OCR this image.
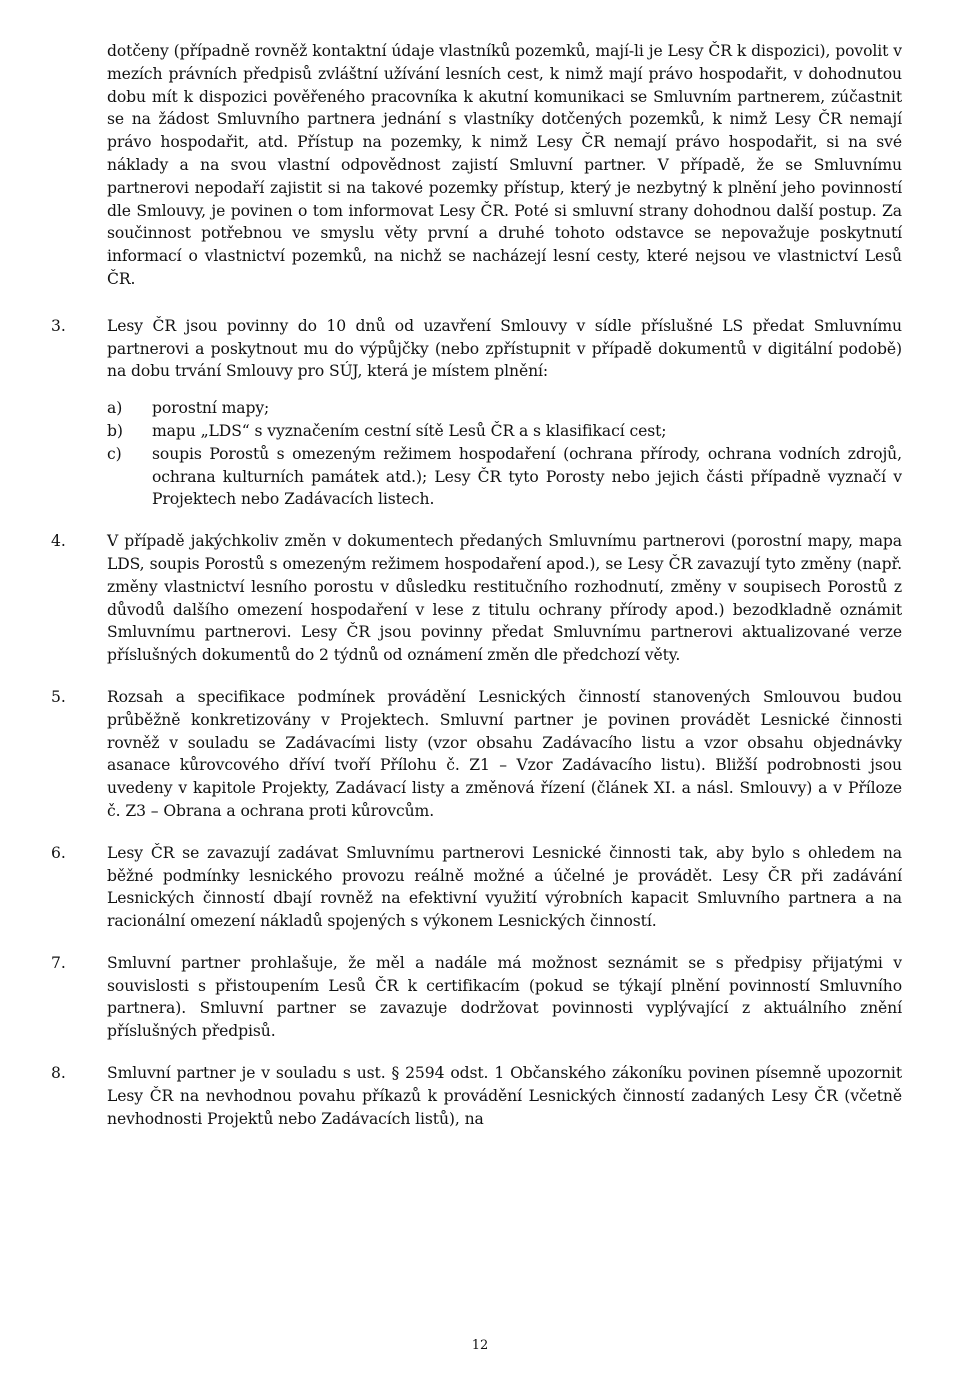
dotčeny (případně rovněž kontaktní údaje vlastníků pozemků, mají-li je Lesy ČR k dispozici), povolit v mezích právních předpisů zvláštní užívání lesních cest, k nimž mají právo hospodařit, v dohodnutou dobu mít k dispozici pověřeného pracovníka k akutní komunikaci se Smluvním partnerem, zúčastnit se na žádost Smluvního partnera jednání s vlastníky dotčených pozemků, k nimž Lesy ČR nemají právo hospodařit, atd. Přístup na pozemky, k nimž Lesy ČR nemají právo hospodařit, si na své náklady a na svou vlastní odpovědnost zajistí Smluvní partner. V případě, že se Smluvnímu partnerovi nepodaří zajistit si na takové pozemky přístup, který je nezbytný k plnění jeho povinností dle Smlouvy, je povinen o tom informovat Lesy ČR. Poté si smluvní strany dohodnou další postup. Za součinnost potřebnou ve smyslu věty první a druhé tohoto odstavce se nepovažuje poskytnutí informací o vlastnictví pozemků, na nichž se nacházejí lesní cesty, které nejsou ve vlastnictví Lesů ČR.

3.	Lesy ČR jsou povinny do 10 dnů od uzavření Smlouvy v sídle příslušné LS předat Smluvnímu partnerovi a poskytnout mu do výpůjčky (nebo zpřístupnit v případě dokumentů v digitální podobě) na dobu trvání Smlouvy pro SÚJ, která je místem plnění:

a) porostní mapy;
b) mapu „LDS“ s vyznačením cestní sítě Lesů ČR a s klasifikací cest;
c) soupis Porostů s omezeným režimem hospodaření (ochrana přírody, ochrana vodních zdrojů, ochrana kulturních památek atd.); Lesy ČR tyto Porosty nebo jejich části případně vyznačí v Projektech nebo Zadávacích listech.
4.	V případě jakýchkoliv změn v dokumentech předaných Smluvnímu partnerovi (porostní mapy, mapa LDS, soupis Porostů s omezeným režimem hospodaření apod.), se Lesy ČR zavazují tyto změny (např. změny vlastnictví lesního porostu v důsledku restitučního rozhodnutí, změny v soupisech Porostů z důvodů dalšího omezení hospodaření v lese z titulu ochrany přírody apod.) bezodkladně oznámit Smluvnímu partnerovi. Lesy ČR jsou povinny předat Smluvnímu partnerovi aktualizované verze příslušných dokumentů do 2 týdnů od oznámení změn dle předchozí věty.

5.	Rozsah a specifikace podmínek provádění Lesnických činností stanovených Smlouvou budou průběžně konkretizovány v Projektech. Smluvní partner je povinen provádět Lesnické činnosti rovněž v souladu se Zadávacími listy (vzor obsahu Zadávacího listu a vzor obsahu objednávky asanace kůrovcového dříví tvoří Přílohu č. Z1 – Vzor Zadávacího listu). Bližší podrobnosti jsou uvedeny v kapitole Projekty, Zadávací listy a změnová řízení (článek XI. a násl. Smlouvy) a v Příloze č. Z3 – Obrana a ochrana proti kůrovcům.

6.	Lesy ČR se zavazují zadávat Smluvnímu partnerovi Lesnické činnosti tak, aby bylo s ohledem na běžné podmínky lesnického provozu reálně možné a účelné je provádět. Lesy ČR při zadávání Lesnických činností dbají rovněž na efektivní využití výrobních kapacit Smluvního partnera a na racionální omezení nákladů spojených s výkonem Lesnických činností.

7.	Smluvní partner prohlašuje, že měl a nadále má možnost seznámit se s předpisy přijatými v souvislosti s přistoupením Lesů ČR k certifikacím (pokud se týkají plnění povinností Smluvního partnera). Smluvní partner se zavazuje dodržovat povinnosti vyplývající z aktuálního znění příslušných předpisů.

8.	Smluvní partner je v souladu s ust. § 2594 odst. 1 Občanského zákoníku povinen písemně upozornit Lesy ČR na nevhodnou povahu příkazů k provádění Lesnických činností zadaných Lesy ČR (včetně nevhodnosti Projektů nebo Zadávacích listů), na

12
